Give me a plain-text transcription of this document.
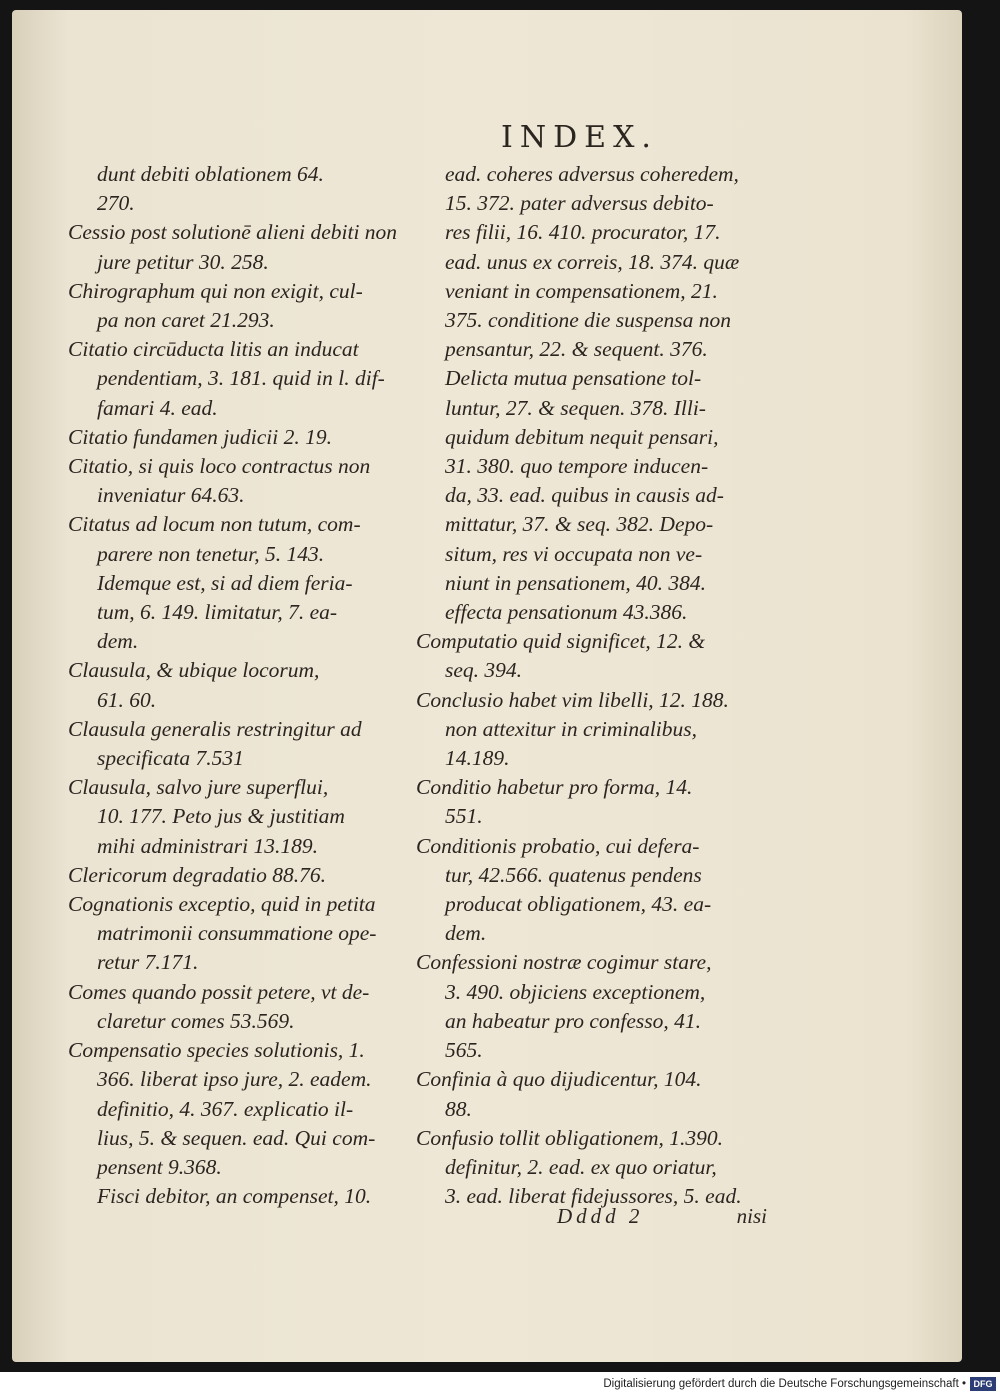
INDEX.
dunt debiti oblationem 64.
270.
Cessio post solutionē alieni debiti non
jure petitur 30. 258.
Chirographum qui non exigit, cul-
pa non caret 21.293.
Citatio circūducta litis an inducat
pendentiam, 3. 181. quid in l. dif-
famari 4. ead.
Citatio fundamen judicii 2. 19.
Citatio, si quis loco contractus non
inveniatur 64.63.
Citatus ad locum non tutum, com-
parere non tenetur, 5. 143.
Idemque est, si ad diem feria-
tum, 6. 149. limitatur, 7. ea-
dem.
Clausula, & ubique locorum,
61. 60.
Clausula generalis restringitur ad
specificata 7.531
Clausula, salvo jure superflui,
10. 177. Peto jus & justitiam
mihi administrari 13.189.
Clericorum degradatio 88.76.
Cognationis exceptio, quid in petita
matrimonii consummatione ope-
retur 7.171.
Comes quando possit petere, vt de-
claretur comes 53.569.
Compensatio species solutionis, 1.
366. liberat ipso jure, 2. eadem.
definitio, 4. 367. explicatio il-
lius, 5. & sequen. ead. Qui com-
pensent 9.368.
Fisci debitor, an compenset, 10.
ead. coheres adversus coheredem,
15. 372. pater adversus debito-
res filii, 16. 410. procurator, 17.
ead. unus ex correis, 18. 374. quæ
veniant in compensationem, 21.
375. conditione die suspensa non
pensantur, 22. & sequent. 376.
Delicta mutua pensatione tol-
luntur, 27. & sequen. 378. Illi-
quidum debitum nequit pensari,
31. 380. quo tempore inducen-
da, 33. ead. quibus in causis ad-
mittatur, 37. & seq. 382. Depo-
situm, res vi occupata non ve-
niunt in pensationem, 40. 384.
effecta pensationum 43.386.
Computatio quid significet, 12. &
seq. 394.
Conclusio habet vim libelli, 12. 188.
non attexitur in criminalibus,
14.189.
Conditio habetur pro forma, 14.
551.
Conditionis probatio, cui defera-
tur, 42.566. quatenus pendens
producat obligationem, 43. ea-
dem.
Confessioni nostræ cogimur stare,
3. 490. objiciens exceptionem,
an habeatur pro confesso, 41.
565.
Confinia à quo dijudicentur, 104.
88.
Confusio tollit obligationem, 1.390.
definitur, 2. ead. ex quo oriatur,
3. ead. liberat fidejussores, 5. ead.
Dddd 2	nisi
Digitalisierung gefördert durch die Deutsche Forschungsgemeinschaft • DFG
